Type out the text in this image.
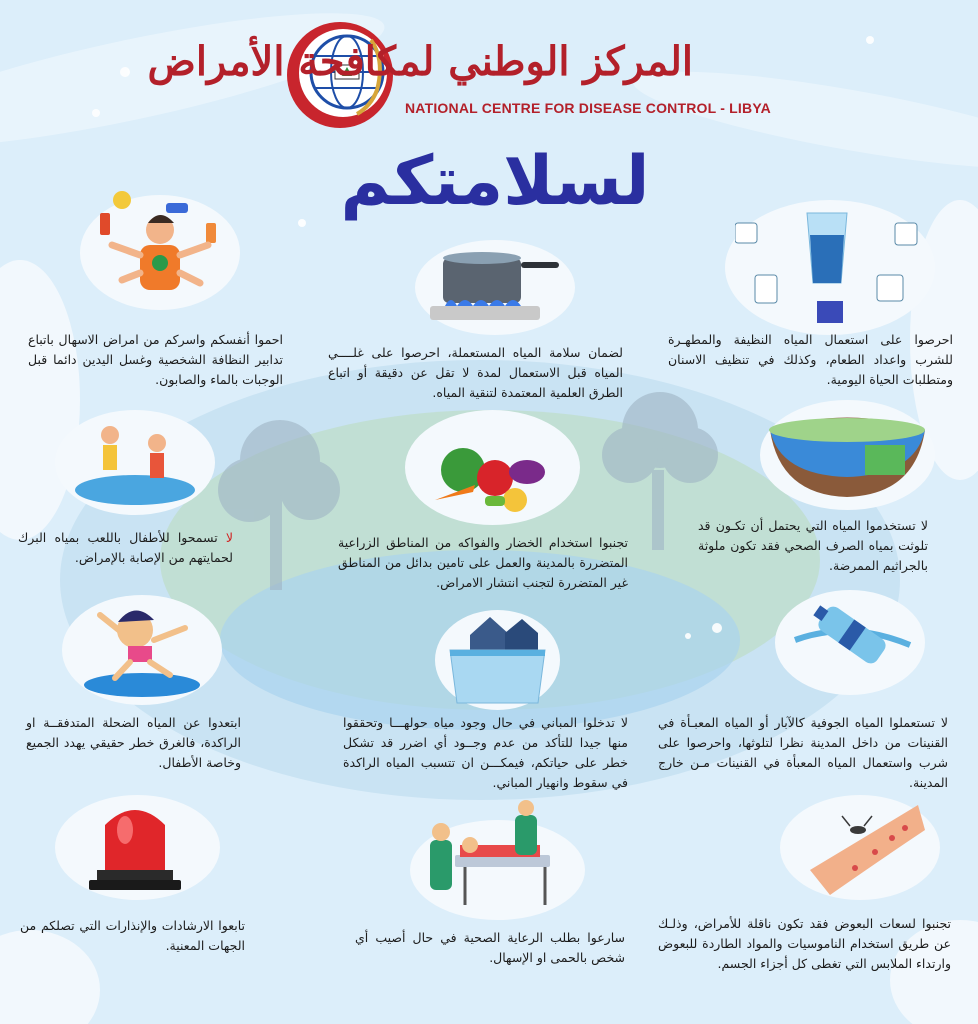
المركز الوطني لمكافحة الأمراض
NATIONAL CENTRE FOR DISEASE CONTROL - LIBYA
لسلامتكم
احموا أنفسكم واسركم من امراض الاسهال باتباع تدابير النظافة الشخصية وغسل اليدين دائما قبل الوجبات بالماء والصابون.
لضمان سلامة المياه المستعملة، احرصوا على غلــــي المياه قبل الاستعمال لمدة لا تقل عن دقيقة أو اتباع الطرق العلمية المعتمدة لتنقية المياه.
احرصوا على استعمال المياه النظيفة والمطهـرة للشرب واعداد الطعام، وكذلك في تنظيف الاسنان ومتطلبات الحياة اليومية.
لا تسمحوا للأطفال باللعب بمياه البرك لحمايتهم من الإصابة بالإمراض.
تجنبوا استخدام الخضار والفواكه من المناطق الزراعية المتضررة بالمدينة والعمل على تامين بدائل من المناطق غير المتضررة لتجنب انتشار الامراض.
لا تستخدموا المياه التي يحتمل أن تكـون قد تلوثت بمياه الصرف الصحي فقد تكون ملوثة بالجراثيم الممرضة.
ابتعدوا عن المياه الضحلة المتدفقــة او الراكدة، فالغرق خطر حقيقي يهدد الجميع وخاصة الأطفال.
لا تدخلوا المباني في حال وجود مياه حولهـــا وتحققوا منها جيدا للتأكد من عدم وجــود أي اضرر قد تشكل خطر على حياتكم، فيمكـــن ان تتسبب المياه الراكدة في سقوط وانهيار المباني.
لا تستعملوا المياه الجوفية كالآبار أو المياه المعبـأة في القنينات من داخل المدينة نظرا لتلوثها، واحرصوا على شرب واستعمال المياه المعبأة في القنينات مـن خارج المدينة.
تابعوا الارشادات والإنذارات التي تصلكم من الجهات المعنية.
سارعوا بطلب الرعاية الصحية في حال أصيب أي شخص بالحمى او الإسهال.
تجنبوا لسعات البعوض فقد تكون ناقلة للأمراض، وذلـك عن طريق استخدام الناموسيات والمواد الطاردة للبعوض وارتداء الملابس التي تغطى كل أجزاء الجسم.
